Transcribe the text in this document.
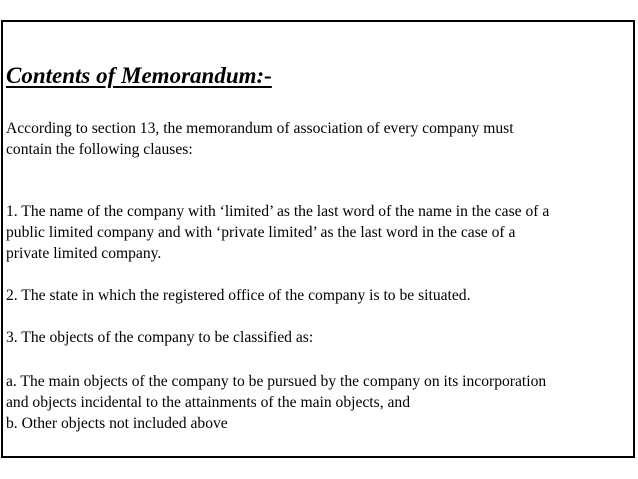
Contents of Memorandum:-

According to section 13, the memorandum of association of every company must
contain the following clauses:

1. The name of the company with ‘limited’ as the last word of the name in the case of a
public limited company and with ‘private limited’ as the last word in the case of a
private limited company.

2. The state in which the registered office of the company is to be situated.

3. The objects of the company to be classified as:

a. The main objects of the company to be pursued by the company on its incorporation
and objects incidental to the attainments of the main objects, and
b. Other objects not included above
